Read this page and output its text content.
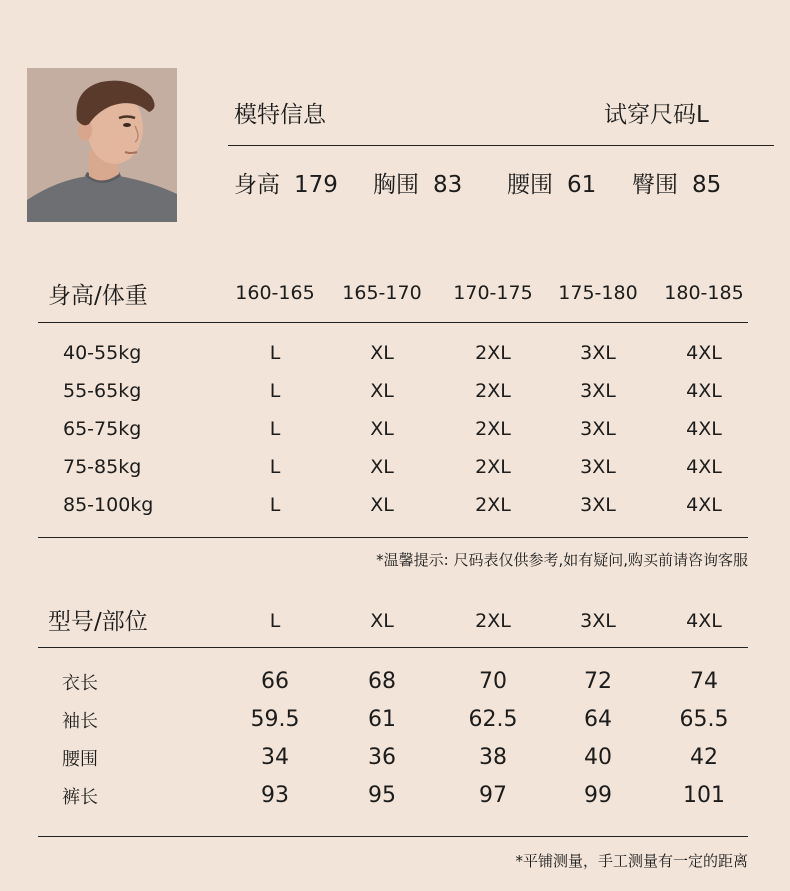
模特信息	试穿尺码L
身高 179 胸围 83 腰围 61 臀围 85
身高/体重	160-165	165-170	170-175	175-180	180-185
40-55kg	L	XL	2XL	3XL	4XL
55-65kg	L	XL	2XL	3XL	4XL
65-75kg	L	XL	2XL	3XL	4XL
75-85kg	L	XL	2XL	3XL	4XL
85-100kg	L	XL	2XL	3XL	4XL
*温馨提示: 尺码表仅供参考,如有疑问,购买前请咨询客服
型号/部位	L	XL	2XL	3XL	4XL
衣长	66	68	70	72	74
袖长	59.5	61	62.5	64	65.5
腰围	34	36	38	40	42
裤长	93	95	97	99	101
*平铺测量，手工测量有一定的距离
